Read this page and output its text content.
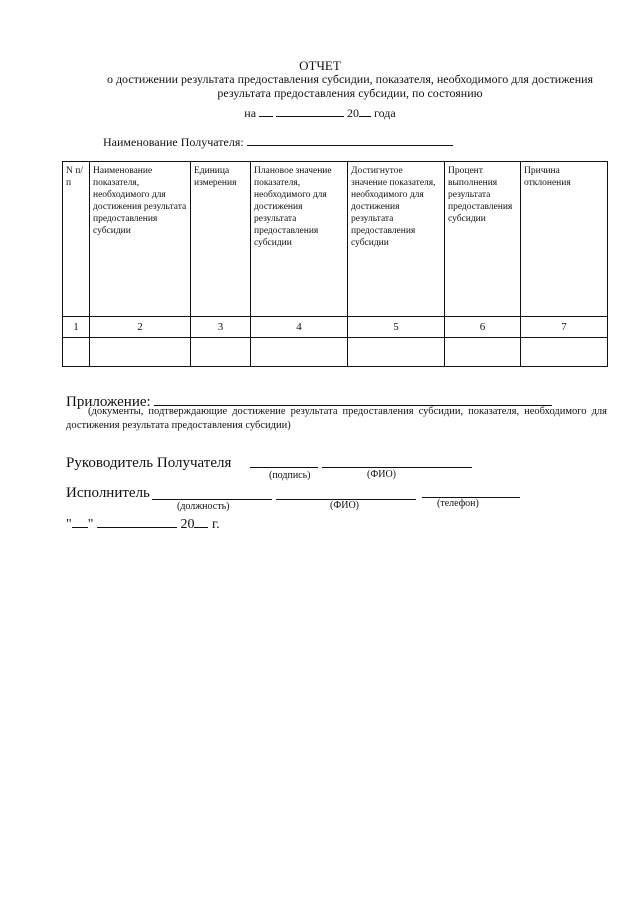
ОТЧЕТ
о достижении результата предоставления субсидии, показателя, необходимого для достижения результата предоставления субсидии, по состоянию
на	20 года
Наименование Получателя:
N п/п	Наименование показателя, необходимого для достижения результата предоставления субсидии	Единица измерения	Плановое значение показателя, необходимого для достижения результата предоставления субсидии	Достигнутое значение показателя, необходимого для достижения результата предоставления субсидии	Процент выполнения результата предоставления субсидии	Причина отклонения
1	2	3	4	5	6	7

Приложение:
(документы, подтверждающие достижение результата предоставления субсидии, показателя, необходимого для достижения результата предоставления субсидии)
Руководитель Получателя
(подпись)	(ФИО)
Исполнитель
(должность)	(ФИО)	(телефон)
" "	20 г.
